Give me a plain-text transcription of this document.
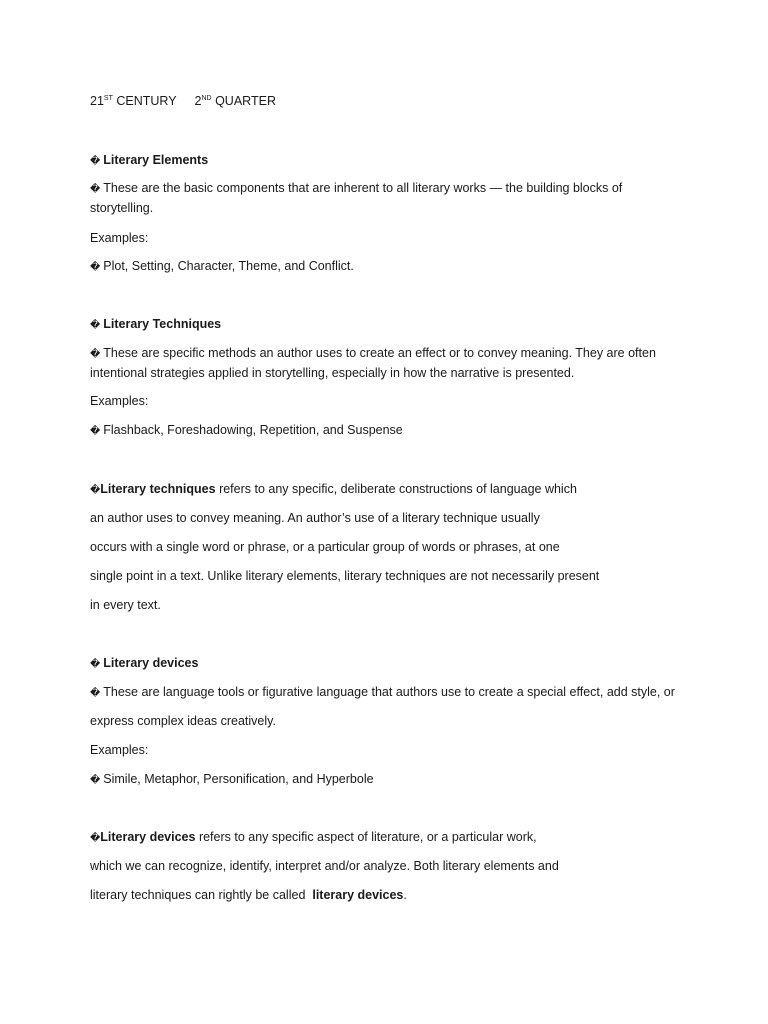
21ST CENTURY 2ND QUARTER
� Literary Elements
� These are the basic components that are inherent to all literary works — the building blocks of storytelling.
Examples:
� Plot, Setting, Character, Theme, and Conflict.
� Literary Techniques
� These are specific methods an author uses to create an effect or to convey meaning. They are often intentional strategies applied in storytelling, especially in how the narrative is presented.
Examples:
� Flashback, Foreshadowing, Repetition, and Suspense
�Literary techniques refers to any specific, deliberate constructions of language which
an author uses to convey meaning. An author’s use of a literary technique usually
occurs with a single word or phrase, or a particular group of words or phrases, at one
single point in a text. Unlike literary elements, literary techniques are not necessarily present
in every text.
� Literary devices
� These are language tools or figurative language that authors use to create a special effect, add style, or
express complex ideas creatively.
Examples:
� Simile, Metaphor, Personification, and Hyperbole
�Literary devices refers to any specific aspect of literature, or a particular work,
which we can recognize, identify, interpret and/or analyze. Both literary elements and
literary techniques can rightly be called  literary devices.
